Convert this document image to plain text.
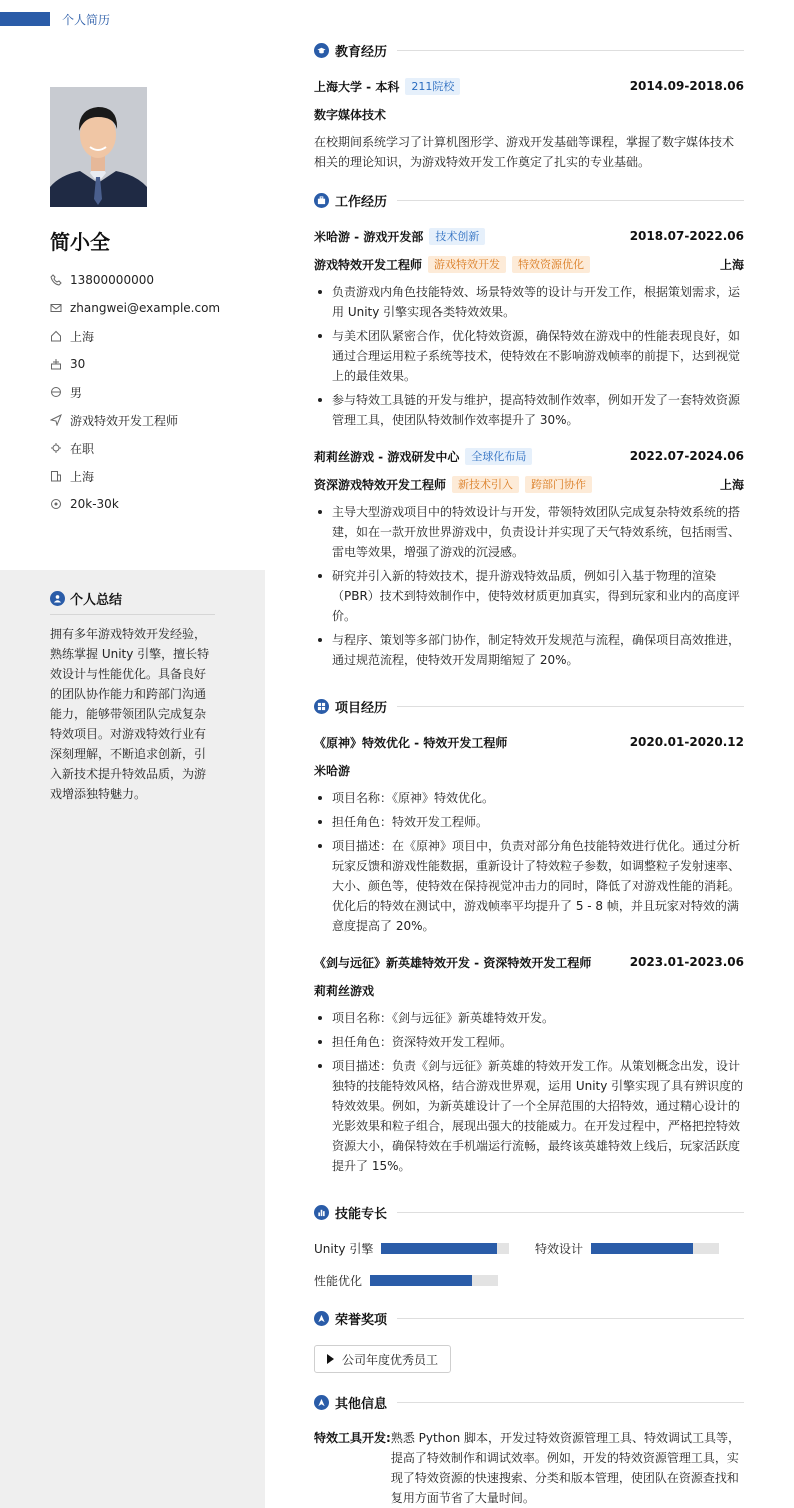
个人简历
简小全
13800000000
zhangwei@example.com
上海
30
男
游戏特效开发工程师
在职
上海
20k-30k
个人总结
拥有多年游戏特效开发经验，熟练掌握 Unity 引擎，擅长特效设计与性能优化。具备良好的团队协作能力和跨部门沟通能力，能够带领团队完成复杂特效项目。对游戏特效行业有深刻理解，不断追求创新，引入新技术提升特效品质，为游戏增添独特魅力。
教育经历
上海大学 - 本科	211院校	2014.09-2018.06
数字媒体技术
在校期间系统学习了计算机图形学、游戏开发基础等课程，掌握了数字媒体技术相关的理论知识，为游戏特效开发工作奠定了扎实的专业基础。
工作经历
米哈游 - 游戏开发部	技术创新	2018.07-2022.06
游戏特效开发工程师	游戏特效开发	特效资源优化	上海
负责游戏内角色技能特效、场景特效等的设计与开发工作，根据策划需求，运用 Unity 引擎实现各类特效效果。
与美术团队紧密合作，优化特效资源，确保特效在游戏中的性能表现良好，如通过合理运用粒子系统等技术，使特效在不影响游戏帧率的前提下，达到视觉上的最佳效果。
参与特效工具链的开发与维护，提高特效制作效率，例如开发了一套特效资源管理工具，使团队特效制作效率提升了 30%。
莉莉丝游戏 - 游戏研发中心	全球化布局	2022.07-2024.06
资深游戏特效开发工程师	新技术引入	跨部门协作	上海
主导大型游戏项目中的特效设计与开发，带领特效团队完成复杂特效系统的搭建，如在一款开放世界游戏中，负责设计并实现了天气特效系统，包括雨雪、雷电等效果，增强了游戏的沉浸感。
研究并引入新的特效技术，提升游戏特效品质，例如引入基于物理的渲染（PBR）技术到特效制作中，使特效材质更加真实，得到玩家和业内的高度评价。
与程序、策划等多部门协作，制定特效开发规范与流程，确保项目高效推进，通过规范流程，使特效开发周期缩短了 20%。
项目经历
《原神》特效优化 - 特效开发工程师	2020.01-2020.12
米哈游
项目名称：《原神》特效优化。
担任角色：特效开发工程师。
项目描述：在《原神》项目中，负责对部分角色技能特效进行优化。通过分析玩家反馈和游戏性能数据，重新设计了特效粒子参数，如调整粒子发射速率、大小、颜色等，使特效在保持视觉冲击力的同时，降低了对游戏性能的消耗。优化后的特效在测试中，游戏帧率平均提升了 5 - 8 帧，并且玩家对特效的满意度提高了 20%。
《剑与远征》新英雄特效开发 - 资深特效开发工程师	2023.01-2023.06
莉莉丝游戏
项目名称：《剑与远征》新英雄特效开发。
担任角色：资深特效开发工程师。
项目描述：负责《剑与远征》新英雄的特效开发工作。从策划概念出发，设计独特的技能特效风格，结合游戏世界观，运用 Unity 引擎实现了具有辨识度的特效效果。例如，为新英雄设计了一个全屏范围的大招特效，通过精心设计的光影效果和粒子组合，展现出强大的技能威力。在开发过程中，严格把控特效资源大小，确保特效在手机端运行流畅，最终该英雄特效上线后，玩家活跃度提升了 15%。
技能专长
Unity 引擎	特效设计
性能优化
荣誉奖项
公司年度优秀员工
其他信息
特效工具开发: 熟悉 Python 脚本，开发过特效资源管理工具、特效调试工具等，提高了特效制作和调试效率。例如，开发的特效资源管理工具，实现了特效资源的快速搜索、分类和版本管理，使团队在资源查找和复用方面节省了大量时间。
